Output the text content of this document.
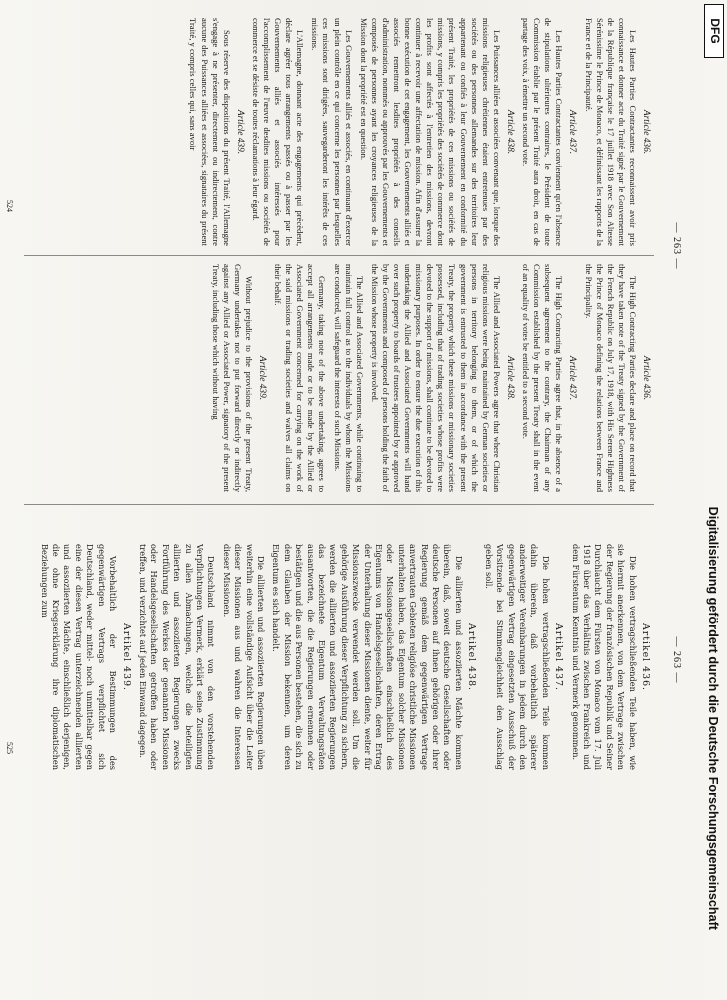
— 263 —
— 263 —
Article 436.

Les Hautes Parties Contractantes reconnaissent avoir pris connaissance et donner acte du Traité signé par le Gouvernement de la République française le 17 juillet 1918 avec Son Altesse Sérénissime le Prince de Monaco, et définissant les rapports de la France et de la Principauté.

Article 437.

Les Hautes Parties Contractantes conviennent qu'en l'absence de stipulations ultérieures contraires, le Président de toute Commission établie par le présent Traité aura droit, en cas de partage des voix, à émettre un second vote.

Article 438.

Les Puissances alliées et associées convenant que, lorsque des missions religieuses chrétiennes étaient entretenues par des sociétés ou des personnes allemandes sur des territoires leur appartenant ou confiés à leur Gouvernement en conformité du présent Traité, les propriétés de ces missions ou sociétés de missions, y compris les propriétés des sociétés de commerce dont les profits sont affectés à l'entretien des missions, devront continuer à recevoir une affectation de mission. Afin d'assurer la bonne exécution de cet engagement, les Gouvernements alliés et associés remettront lesdites propriétés à des conseils d'administration, nommés ou approuvés par les Gouvernements et composés de personnes ayant les croyances religieuses de la Mission dont la propriété est en question.

Les Gouvernements alliés et associés, en continuant d'exercer un plein contrôle en ce qui concerne les personnes par lesquelles ces missions sont dirigées, sauvegarderont les intérêts de ces missions.

L'Allemagne, donnant acte des engagements qui précèdent, déclare agréer tous arrangements passés ou à passer par les Gouvernements alliés et associés intéressés pour l'accomplissement de l'œuvre desdites missions ou sociétés de commerce et se désiste de toutes réclamations à leur égard.

Article 439.

Sous réserve des dispositions du présent Traité, l'Allemagne s'engage à ne présenter, directement ou indirectement, contre aucune des Puissances alliées et associées, signataires du présent Traité, y compris celles qui, sans avoir

Article 436.

The High Contracting Parties declare and place on record that they have taken note of the Treaty signed by the Government of the French Republic on July 17, 1918, with His Serene Highness the Prince of Monaco defining the relations between France and the Principality.

Article 437.

The High Contracting Parties agree that, in the absence of a subsequent agreement to the contrary, the Chairman of any Commission established by the present Treaty shall in the event of an equality of votes be entitled to a second vote.

Article 438.

The Allied and Associated Powers agree that where Christian religious missions were being maintained by German societies or persons in territory belonging to them, or of which the government is entrusted to them in accordance with the present Treaty, the property which these missions or missionary societies possessed, including that of trading societies whose profits were devoted to the support of missions, shall continue to be devoted to missionary purposes. In order to ensure the due execution of this undertaking the Allied and Associated Governments will hand over such property to boards of trustees appointed by or approved by the Governments and composed of persons holding the faith of the Mission whose property is involved.

The Allied and Associated Governments, while continuing to maintain full control as to the individuals by whom the Missions are conducted, will safeguard the interests of such Missions.

Germany, taking note of the above undertaking, agrees to accept all arrangements made or to be made by the Allied or Associated Government concerned for carrying on the work of the said missions or trading societies and waives all claims on their behalf.

Article 439.

Without prejudice to the provisions of the present Treaty, Germany undertakes not to put forward directly or indirectly against any Allied or Associated Power, signatory of the present Treaty, including those which without having

Artikel 436.

Die hohen vertragschließenden Teile haben, wie sie hiermit anerkennen, von dem Vertrage zwischen der Regierung der französischen Republik und Seiner Durchlaucht dem Fürsten von Monaco vom 17. Juli 1918 über das Verhältnis zwischen Frankreich und dem Fürstentum Kenntnis und Vermerk genommen.

Artikel 437.

Die hohen vertragschließenden Teile kommen dahin überein, daß vorbehaltlich späterer anderweitiger Vereinbarungen in jedem durch den gegenwärtigen Vertrag eingesetzten Ausschuß der Vorsitzende bei Stimmengleichheit den Ausschlag geben soll.

Artikel 438.

Die alliierten und assoziierten Mächte kommen überein, daß, soweit deutsche Gesellschaften oder deutsche Personen auf ihnen gehörigen oder ihrer Regierung gemäß dem gegenwärtigen Vertrage anvertrauten Gebieten religiöse christliche Missionen unterhalten haben, das Eigentum solcher Missionen oder Missionsgesellschaften einschließlich des Eigentums von Handelsgesellschaften, deren Ertrag der Unterhaltung dieser Missionen diente, weiter für Missionszwecke verwendet werden soll. Um die gehörige Ausführung dieser Verpflichtung zu sichern, werden die alliierten und assoziierten Regierungen das bezeichnete Eigentum Verwaltungsräten ausantworten, die die Regierungen ernennen oder bestätigen und die aus Personen bestehen, die sich zu dem Glauben der Mission bekennen, um deren Eigentum es sich handelt.

Die alliierten und assoziierten Regierungen üben weiterhin eine vollständige Aufsicht über die Leiter dieser Missionen aus und wahren die Interessen dieser Missionen.

Deutschland nimmt von den vorstehenden Verpflichtungen Vermerk, erklärt seine Zustimmung zu allen Abmachungen, welche die beteiligten alliierten und assoziierten Regierungen zwecks Fortführung des Werkes der genannten Missionen oder Handelsgesellschaften getroffen haben oder treffen, und verzichtet auf jeden Einwand dagegen.

Artikel 439.

Vorbehaltlich der Bestimmungen des gegenwärtigen Vertrags verpflichtet sich Deutschland, weder mittel- noch unmittelbar gegen eine der diesen Vertrag unterzeichnenden alliierten und assoziierten Mächte, einschließlich derjenigen, die ohne Kriegserklärung ihre diplomatischen Beziehungen zum

524
525	Digitalisierung gefördert durch die Deutsche Forschungsgemeinschaft
DFG
